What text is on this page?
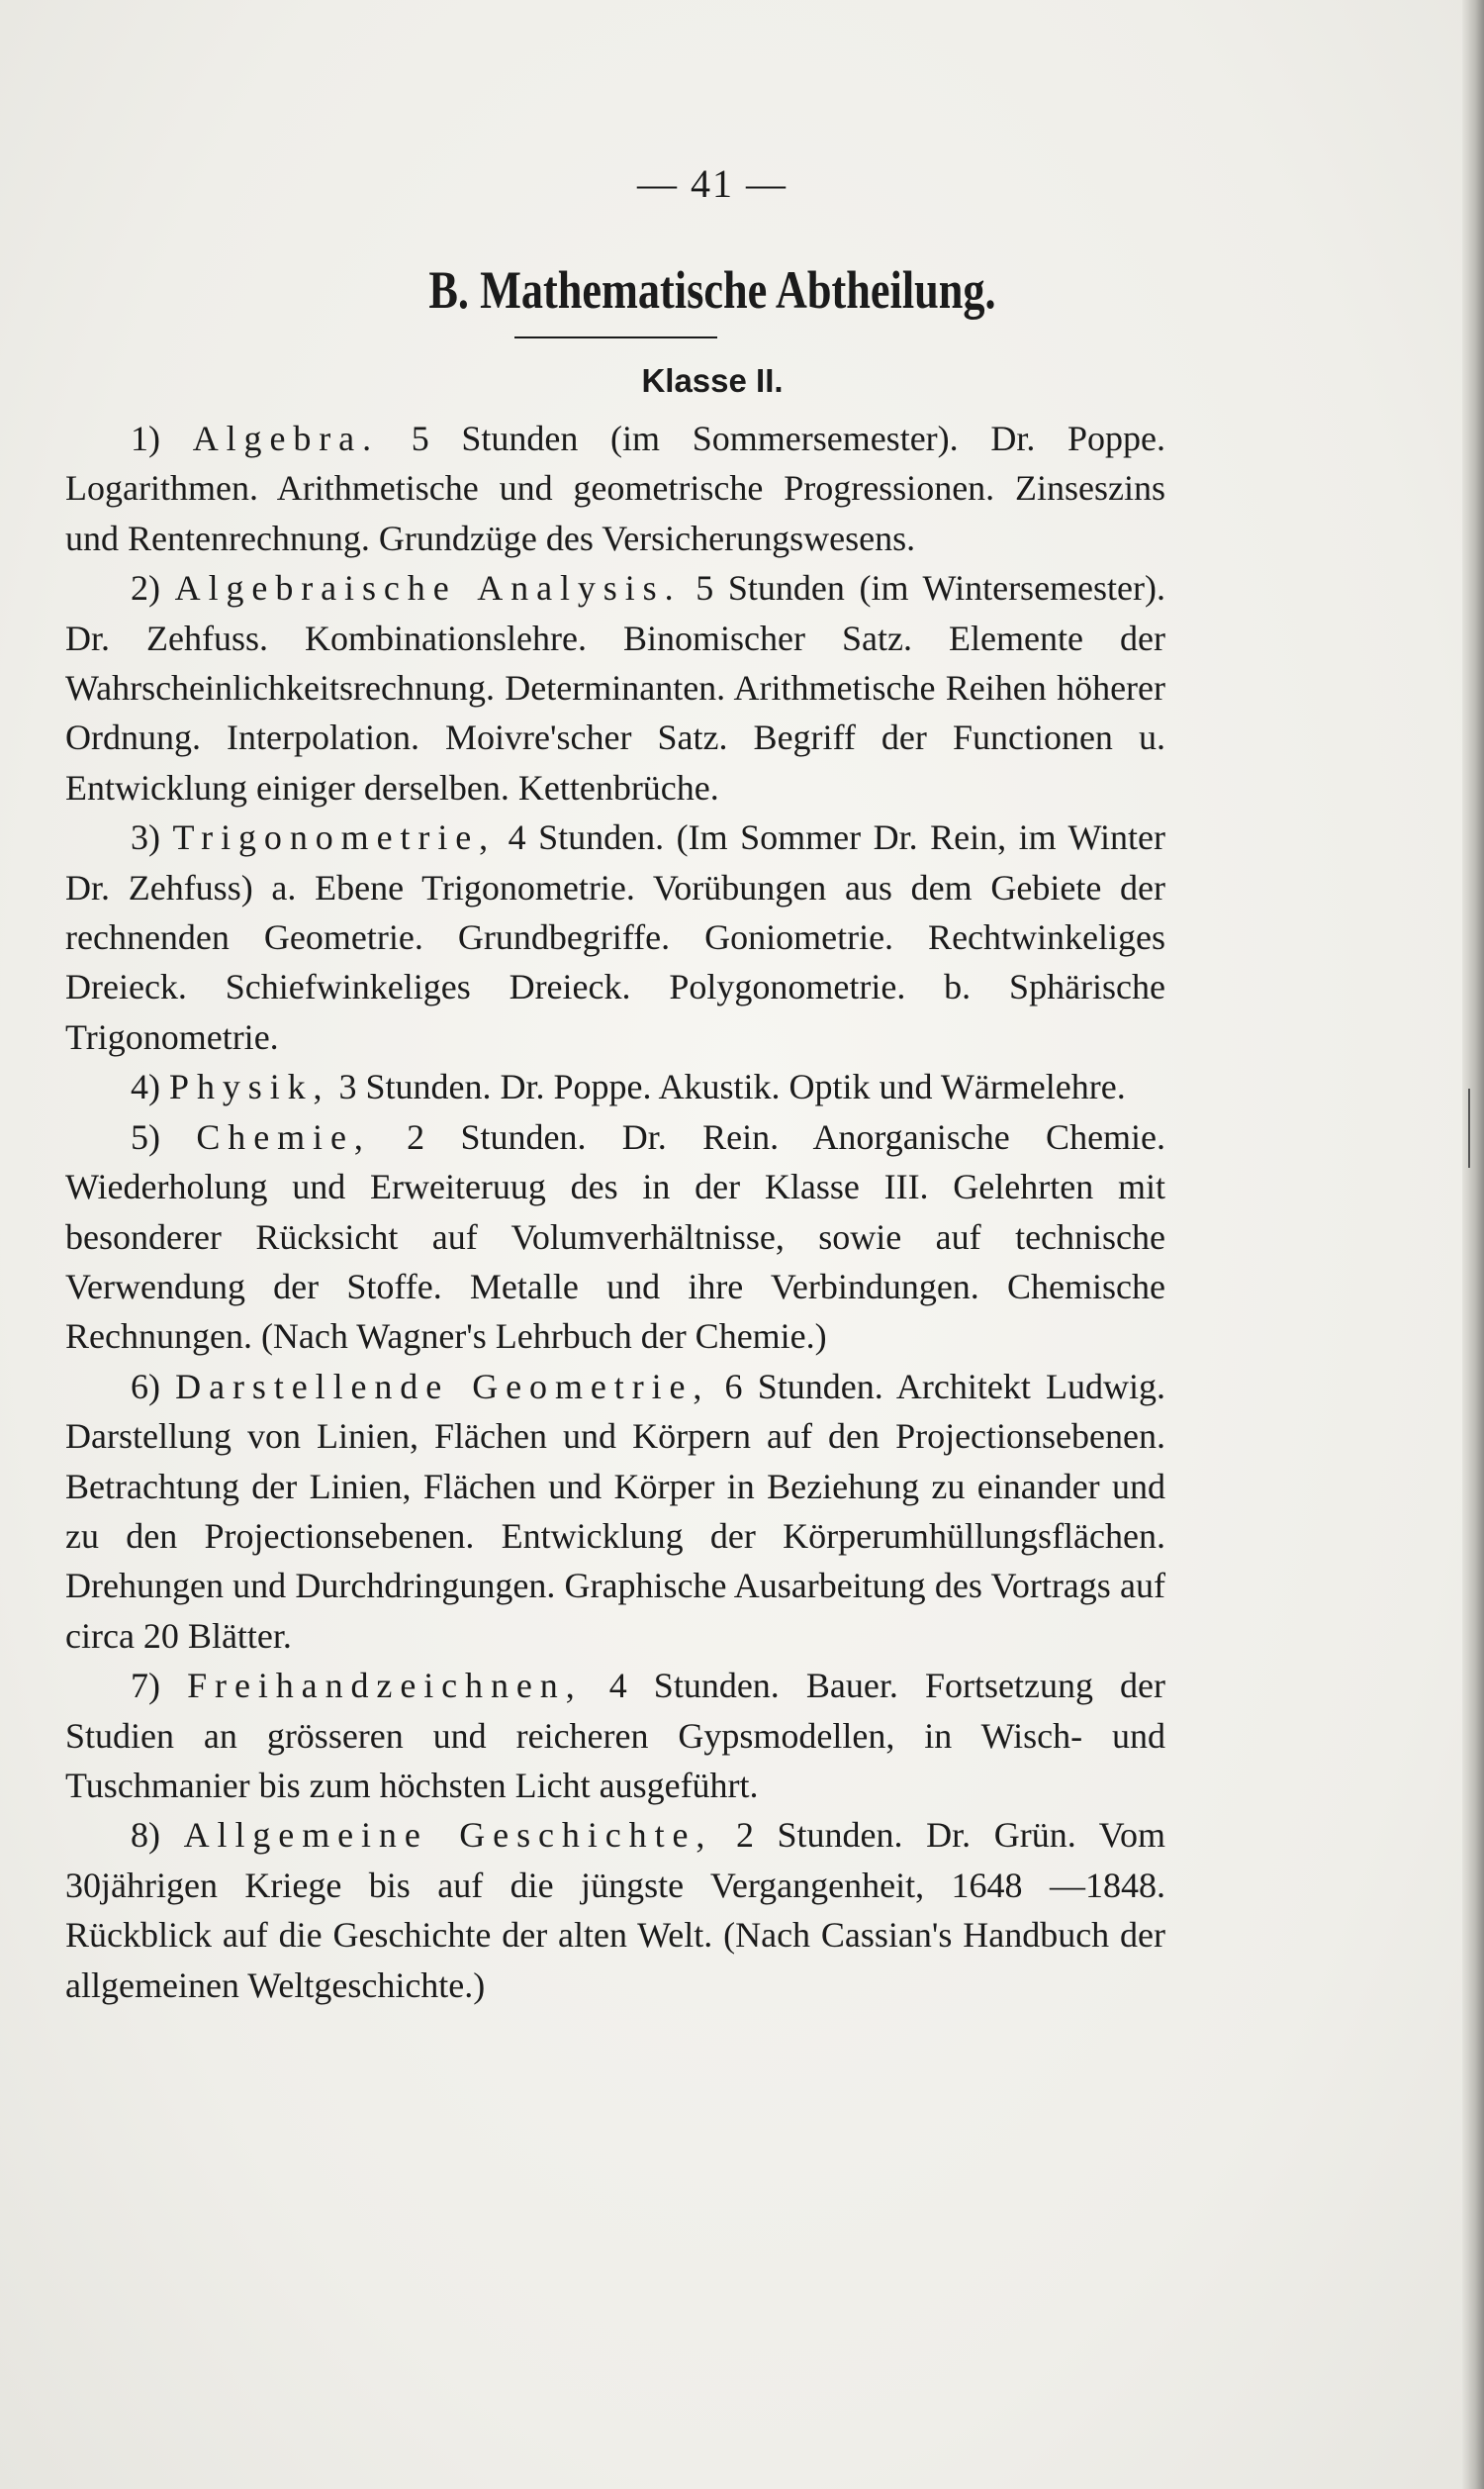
— 41 —
B. Mathematische Abtheilung.
Klasse II.

1) Algebra. 5 Stunden (im Sommersemester). Dr. Poppe. Logarithmen. Arithmetische und geometrische Progressionen. Zinseszins und Rentenrechnung. Grundzüge des Versicherungswesens.

2) Algebraische Analysis. 5 Stunden (im Wintersemester). Dr. Zehfuss. Kombinationslehre. Binomischer Satz. Elemente der Wahrscheinlichkeitsrechnung. Determinanten. Arithmetische Reihen höherer Ordnung. Interpolation. Moivre'scher Satz. Begriff der Functionen u. Entwicklung einiger derselben. Kettenbrüche.

3) Trigonometrie, 4 Stunden. (Im Sommer Dr. Rein, im Winter Dr. Zehfuss) a. Ebene Trigonometrie. Vorübungen aus dem Gebiete der rechnenden Geometrie. Grundbegriffe. Goniometrie. Rechtwinkeliges Dreieck. Schiefwinkeliges Dreieck. Polygonometrie. b. Sphärische Trigonometrie.

4) Physik, 3 Stunden. Dr. Poppe. Akustik. Optik und Wärmelehre.

5) Chemie, 2 Stunden. Dr. Rein. Anorganische Chemie. Wiederholung und Erweiteruug des in der Klasse III. Gelehrten mit besonderer Rücksicht auf Volumverhältnisse, sowie auf technische Verwendung der Stoffe. Metalle und ihre Verbindungen. Chemische Rechnungen. (Nach Wagner's Lehrbuch der Chemie.)

6) Darstellende Geometrie, 6 Stunden. Architekt Ludwig. Darstellung von Linien, Flächen und Körpern auf den Projectionsebenen. Betrachtung der Linien, Flächen und Körper in Beziehung zu einander und zu den Projectionsebenen. Entwicklung der Körperumhüllungsflächen. Drehungen und Durchdringungen. Graphische Ausarbeitung des Vortrags auf circa 20 Blätter.

7) Freihandzeichnen, 4 Stunden. Bauer. Fortsetzung der Studien an grösseren und reicheren Gypsmodellen, in Wisch- und Tuschmanier bis zum höchsten Licht ausgeführt.

8) Allgemeine Geschichte, 2 Stunden. Dr. Grün. Vom 30jährigen Kriege bis auf die jüngste Vergangenheit, 1648 —1848. Rückblick auf die Geschichte der alten Welt. (Nach Cassian's Handbuch der allgemeinen Weltgeschichte.)
